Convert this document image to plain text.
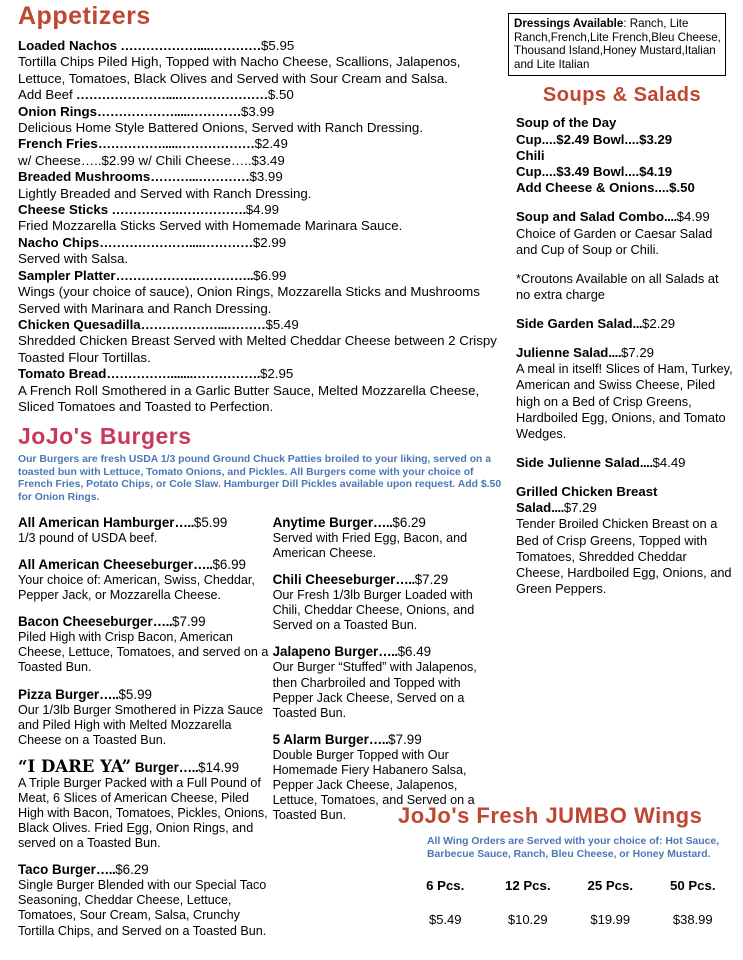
Appetizers
Loaded Nachos ………………....…………$5.95
Tortilla Chips Piled High, Topped with Nacho Cheese, Scallions, Jalapenos, Lettuce, Tomatoes, Black Olives and Served with Sour Cream and Salsa.
Add Beef …………………....…………………$.50
Onion Rings……………….....…………$3.99
Delicious Home Style Battered Onions, Served with Ranch Dressing.
French Fries…………….....………………$2.49
w/ Cheese…..$2.99 w/ Chili Cheese…..$3.49
Breaded Mushrooms………...…………$3.99
Lightly Breaded and Served with Ranch Dressing.
Cheese Sticks …………….…………….$4.99
Fried Mozzarella Sticks Served with Homemade Marinara Sauce.
Nacho Chips…………………....…………$2.99
Served with Salsa.
Sampler Platter……………….…………..$6.99
Wings (your choice of sauce), Onion Rings, Mozzarella Sticks and Mushrooms Served with Marinara and Ranch Dressing.
Chicken Quesadilla………………...………$5.49
Shredded Chicken Breast Served with Melted Cheddar Cheese between 2 Crispy Toasted Flour Tortillas.
Tomato Bread…………….......…………….$2.95
A French Roll Smothered in a Garlic Butter Sauce, Melted Mozzarella Cheese, Sliced Tomatoes and Toasted to Perfection.
JoJo's Burgers
Our Burgers are fresh USDA 1/3 pound Ground Chuck Patties broiled to your liking, served on a toasted bun with Lettuce, Tomato Onions, and Pickles. All Burgers come with your choice of French Fries, Potato Chips, or Cole Slaw. Hamburger Dill Pickles available upon request. Add $.50 for Onion Rings.
All American Hamburger…..$5.99
1/3 pound of USDA beef.
All American Cheeseburger…..$6.99
Your choice of: American, Swiss, Cheddar, Pepper Jack, or Mozzarella Cheese.
Bacon Cheeseburger…..$7.99
Piled High with Crisp Bacon, American Cheese, Lettuce, Tomatoes, and served on a Toasted Bun.
Pizza Burger…..$5.99
Our 1/3lb Burger Smothered in Pizza Sauce and Piled High with Melted Mozzarella Cheese on a Toasted Bun.
“I DARE YA” Burger…..$14.99
A Triple Burger Packed with a Full Pound of Meat, 6 Slices of American Cheese, Piled High with Bacon, Tomatoes, Pickles, Onions, Black Olives. Fried Egg, Onion Rings, and served on a Toasted Bun.
Taco Burger…..$6.29
Single Burger Blended with our Special Taco Seasoning, Cheddar Cheese, Lettuce, Tomatoes, Sour Cream, Salsa, Crunchy Tortilla Chips, and Served on a Toasted Bun.
Anytime Burger…..$6.29
Served with Fried Egg, Bacon, and American Cheese.
Chili Cheeseburger…..$7.29
Our Fresh 1/3lb Burger Loaded with Chili, Cheddar Cheese, Onions, and Served on a Toasted Bun.
Jalapeno Burger…..$6.49
Our Burger “Stuffed” with Jalapenos, then Charbroiled and Topped with Pepper Jack Cheese, Served on a Toasted Bun.
5 Alarm Burger…..$7.99
Double Burger Topped with Our Homemade Fiery Habanero Salsa, Pepper Jack Cheese, Jalapenos, Lettuce, Tomatoes, and Served on a Toasted Bun.
Dressings Available: Ranch, Lite Ranch,French,Lite French,Bleu Cheese, Thousand Island,Honey Mustard,Italian and Lite Italian
Soups & Salads
Soup of the Day
Cup....$2.49 Bowl....$3.29
Chili
Cup....$3.49 Bowl....$4.19
Add Cheese & Onions....$.50
Soup and Salad Combo....$4.99
Choice of Garden or Caesar Salad and Cup of Soup or Chili.
*Croutons Available on all Salads at no extra charge
Side Garden Salad...$2.29
Julienne Salad....$7.29
A meal in itself! Slices of Ham, Turkey, American and Swiss Cheese, Piled high on a Bed of Crisp Greens, Hardboiled Egg, Onions, and Tomato Wedges.
Side Julienne Salad....$4.49
Grilled Chicken Breast
Salad....$7.29
Tender Broiled Chicken Breast on a Bed of Crisp Greens, Topped with Tomatoes, Shredded Cheddar Cheese, Hardboiled Egg, Onions, and Green Peppers.
JoJo's Fresh JUMBO Wings
All Wing Orders are Served with your choice of: Hot Sauce, Barbecue Sauce, Ranch, Bleu Cheese, or Honey Mustard.
6 Pcs.	12 Pcs.	25 Pcs.	50 Pcs.
$5.49	$10.29	$19.99	$38.99
